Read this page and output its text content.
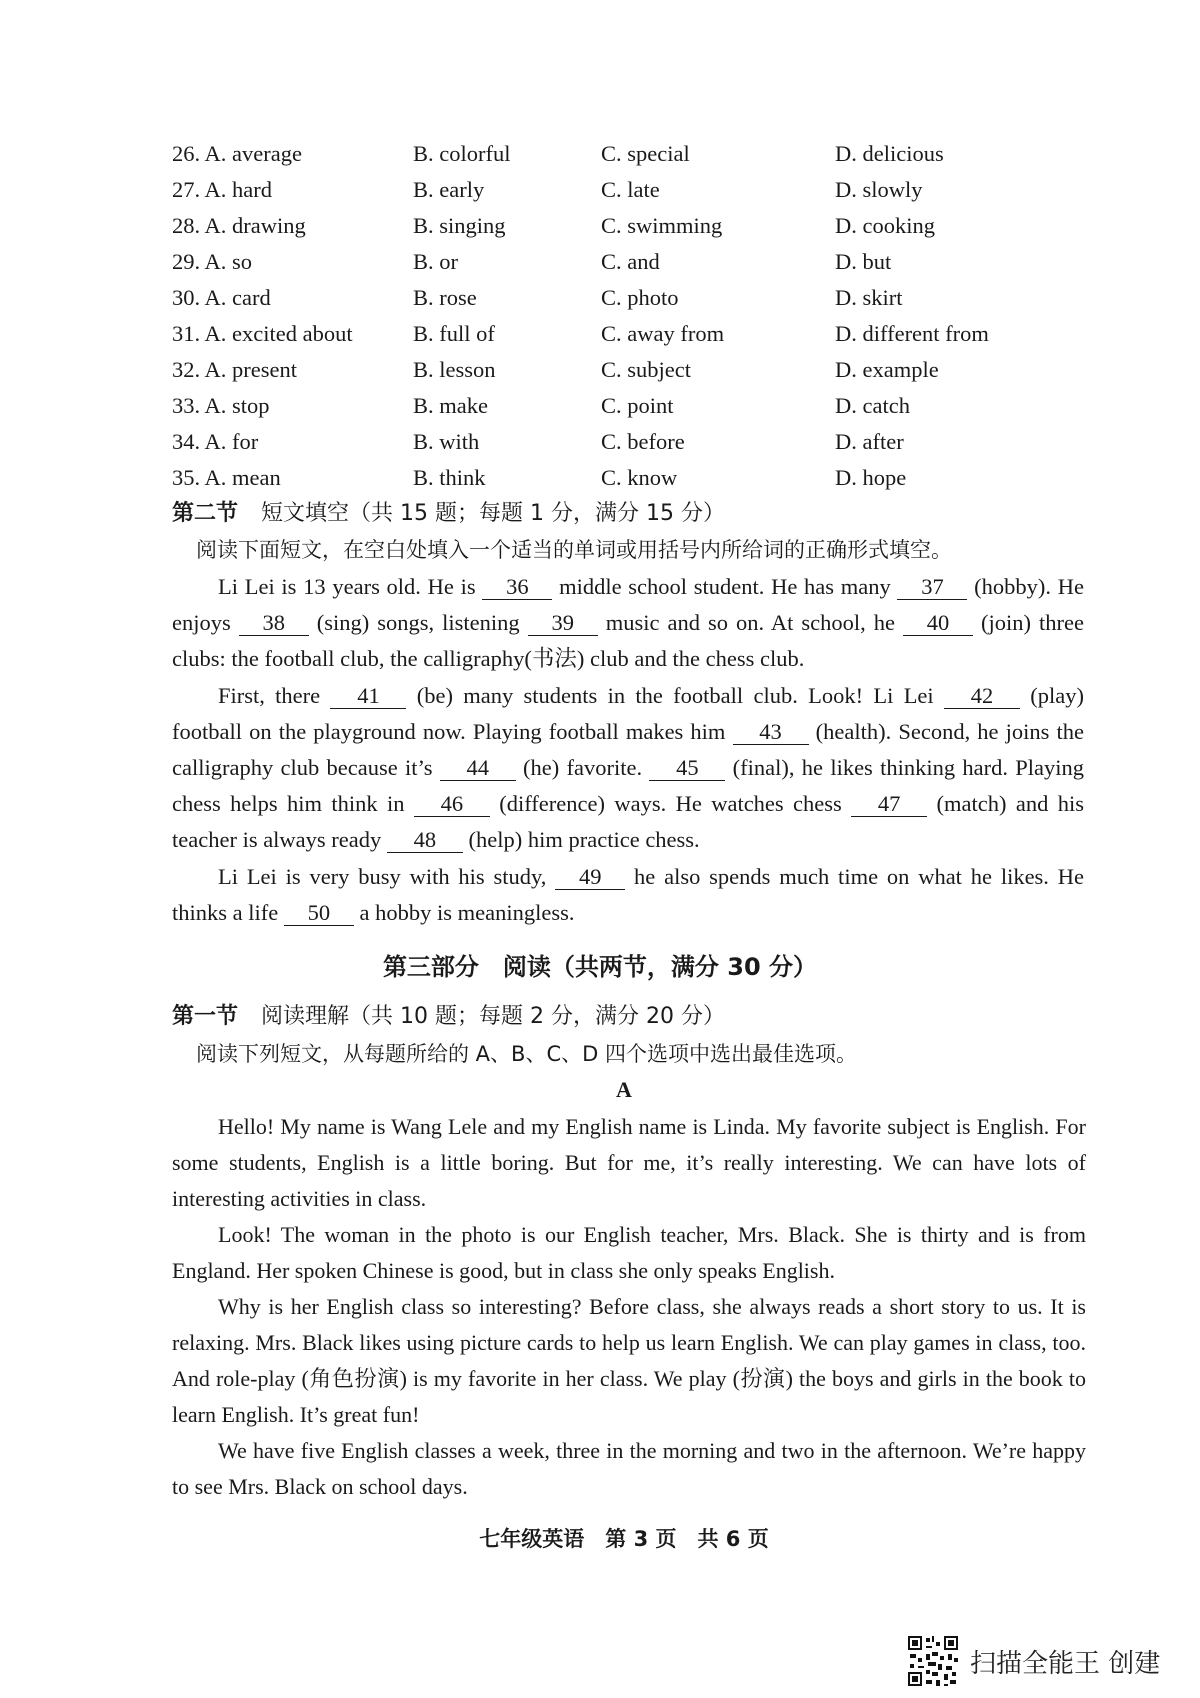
26. A. average	B. colorful	C. special	D. delicious
27. A. hard	B. early	C. late	D. slowly
28. A. drawing	B. singing	C. swimming	D. cooking
29. A. so	B. or	C. and	D. but
30. A. card	B. rose	C. photo	D. skirt
31. A. excited about	B. full of	C. away from	D. different from
32. A. present	B. lesson	C. subject	D. example
33. A. stop	B. make	C. point	D. catch
34. A. for	B. with	C. before	D. after
35. A. mean	B. think	C. know	D. hope
第二节 短文填空（共 15 题；每题 1 分，满分 15 分）
阅读下面短文，在空白处填入一个适当的单词或用括号内所给词的正确形式填空。

Li Lei is 13 years old. He is 36 middle school student. He has many 37 (hobby). He enjoys 38 (sing) songs, listening 39 music and so on. At school, he 40 (join) three clubs: the football club, the calligraphy(书法) club and the chess club.

First, there 41 (be) many students in the football club. Look! Li Lei 42 (play) football on the playground now. Playing football makes him 43 (health). Second, he joins the calligraphy club because it’s 44 (he) favorite. 45 (final), he likes thinking hard. Playing chess helps him think in 46 (difference) ways. He watches chess 47 (match) and his teacher is always ready 48 (help) him practice chess.

Li Lei is very busy with his study, 49 he also spends much time on what he likes. He thinks a life 50 a hobby is meaningless.

第三部分　阅读（共两节，满分 30 分）
第一节 阅读理解（共 10 题；每题 2 分，满分 20 分）
阅读下列短文，从每题所给的 A、B、C、D 四个选项中选出最佳选项。
A

Hello! My name is Wang Lele and my English name is Linda. My favorite subject is English. For some students, English is a little boring. But for me, it’s really interesting. We can have lots of interesting activities in class.

Look! The woman in the photo is our English teacher, Mrs. Black. She is thirty and is from England. Her spoken Chinese is good, but in class she only speaks English.

Why is her English class so interesting? Before class, she always reads a short story to us. It is relaxing. Mrs. Black likes using picture cards to help us learn English. We can play games in class, too. And role-play (角色扮演) is my favorite in her class. We play (扮演) the boys and girls in the book to learn English. It’s great fun!

We have five English classes a week, three in the morning and two in the afternoon. We’re happy to see Mrs. Black on school days.

七年级英语　第 3 页　共 6 页
扫描全能王 创建
